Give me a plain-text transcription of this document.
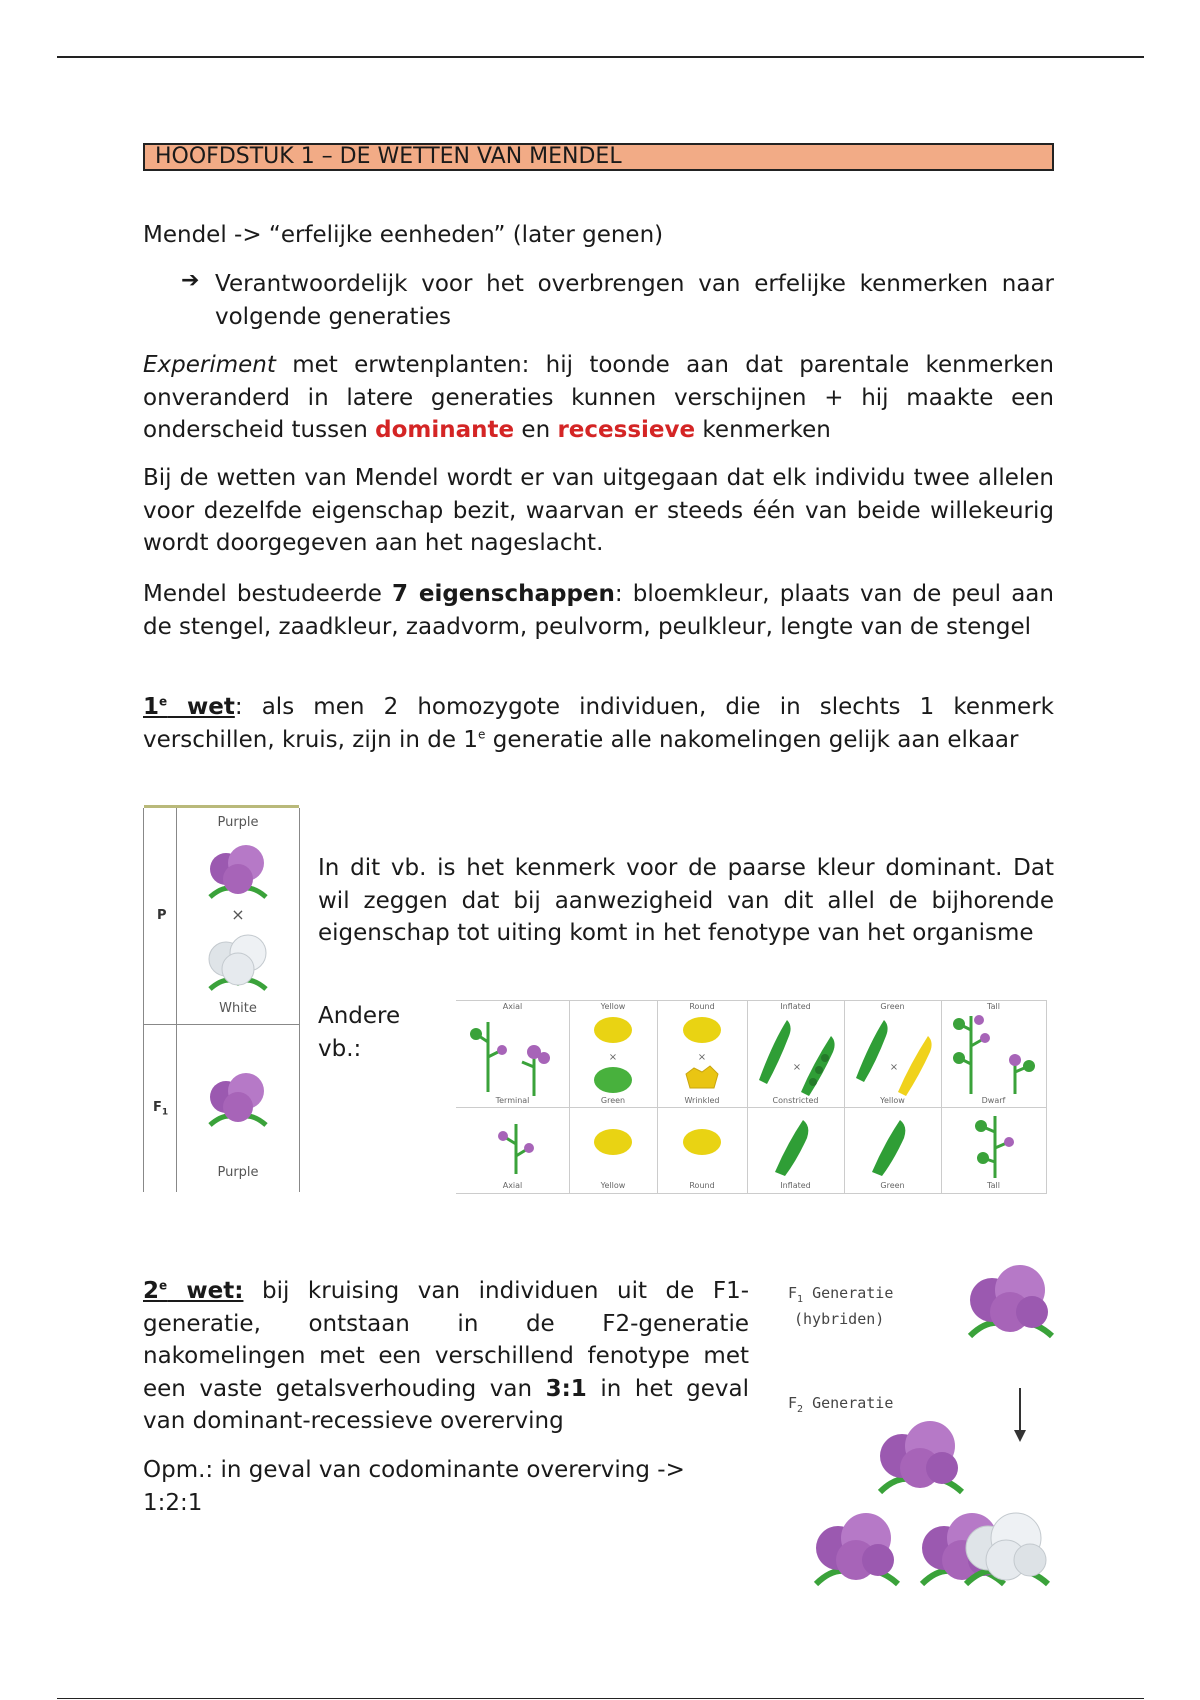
HOOFDSTUK 1 – DE WETTEN VAN MENDEL

Mendel -> “erfelijke eenheden” (later genen)

➔ Verantwoordelijk voor het overbrengen van erfelijke kenmerken naar volgende generaties

Experiment met erwtenplanten: hij toonde aan dat parentale kenmerken onveranderd in latere generaties kunnen verschijnen + hij maakte een onderscheid tussen dominante en recessieve kenmerken

Bij de wetten van Mendel wordt er van uitgegaan dat elk individu twee allelen voor dezelfde eigenschap bezit, waarvan er steeds één van beide willekeurig wordt doorgegeven aan het nageslacht.

Mendel bestudeerde 7 eigenschappen: bloemkleur, plaats van de peul aan de stengel, zaadkleur, zaadvorm, peulvorm, peulkleur, lengte van de stengel

1e wet: als men 2 homozygote individuen, die in slechts 1 kenmerk verschillen, kruis, zijn in de 1e generatie alle nakomelingen gelijk aan elkaar

P
$F_1$
Purple
×
White
Purple

In dit vb. is het kenmerk voor de paarse kleur dominant. Dat wil zeggen dat bij aanwezigheid van dit allel de bijhorende eigenschap tot uiting komt in het fenotype van het organisme

Andere vb.:

Axial
Terminal
Axial
Yellow
×
Green
Yellow
Round
×
Wrinkled
Round
Inflated
×
Constricted
Inflated
Green
×
Yellow
Green
Tall
Dwarf
Tall

2e wet: bij kruising van individuen uit de F1-generatie, ontstaan in de F2-generatie nakomelingen met een verschillend fenotype met een vaste getalsverhouding van 3:1 in het geval van dominant-recessieve overerving

Opm.: in geval van codominante overerving -> 1:2:1

$F_1$ Generatie
(hybriden)
$F_2$ Generatie
